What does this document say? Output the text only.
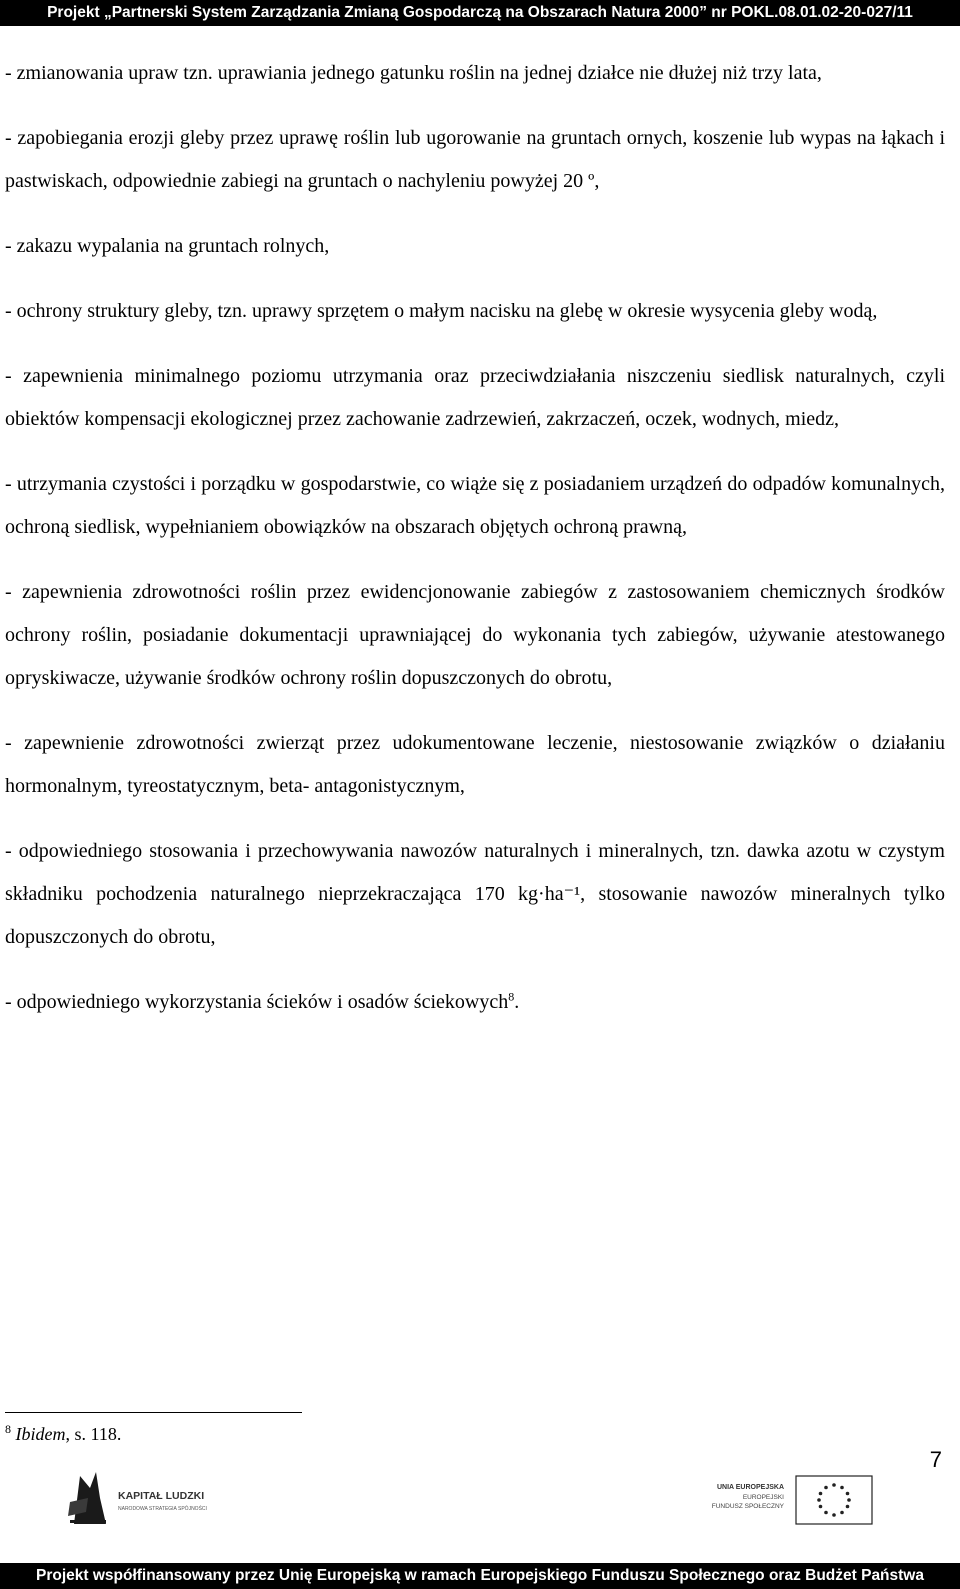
Projekt „Partnerski System Zarządzania Zmianą Gospodarczą na Obszarach Natura 2000” nr POKL.08.01.02-20-027/11

- zmianowania upraw tzn. uprawiania jednego gatunku roślin na jednej działce nie dłużej niż trzy lata,

- zapobiegania erozji gleby przez uprawę roślin lub ugorowanie na gruntach ornych, koszenie lub wypas na łąkach i pastwiskach, odpowiednie zabiegi na gruntach o nachyleniu powyżej 20 º,

- zakazu wypalania na gruntach rolnych,

- ochrony struktury gleby, tzn. uprawy sprzętem o małym nacisku na glebę w okresie wysycenia gleby wodą,

- zapewnienia minimalnego poziomu utrzymania oraz przeciwdziałania niszczeniu siedlisk naturalnych, czyli obiektów kompensacji ekologicznej przez zachowanie zadrzewień, zakrzaczeń, oczek, wodnych, miedz,

- utrzymania czystości i porządku w gospodarstwie, co wiąże się z posiadaniem urządzeń do odpadów komunalnych, ochroną siedlisk, wypełnianiem obowiązków na obszarach objętych ochroną prawną,

- zapewnienia zdrowotności roślin przez ewidencjonowanie zabiegów z zastosowaniem chemicznych środków ochrony roślin, posiadanie dokumentacji uprawniającej do wykonania tych zabiegów, używanie atestowanego opryskiwacze, używanie środków ochrony roślin dopuszczonych do obrotu,

- zapewnienie zdrowotności zwierząt przez udokumentowane leczenie, niestosowanie związków o działaniu hormonalnym, tyreostatycznym, beta- antagonistycznym,

- odpowiedniego stosowania i przechowywania nawozów naturalnych i mineralnych, tzn. dawka azotu w czystym składniku pochodzenia naturalnego nieprzekraczająca 170 kg·ha⁻¹, stosowanie nawozów mineralnych tylko dopuszczonych do obrotu,

- odpowiedniego wykorzystania ścieków i osadów ściekowych$^8$.

$^8$ Ibidem, s. 118.
7
KAPITAŁ LUDZKI
NARODOWA STRATEGIA SPÓJNOŚCI
UNIA EUROPEJSKA
EUROPEJSKI
FUNDUSZ SPOŁECZNY
Projekt współfinansowany przez Unię Europejską w ramach Europejskiego Funduszu Społecznego oraz Budżet Państwa
